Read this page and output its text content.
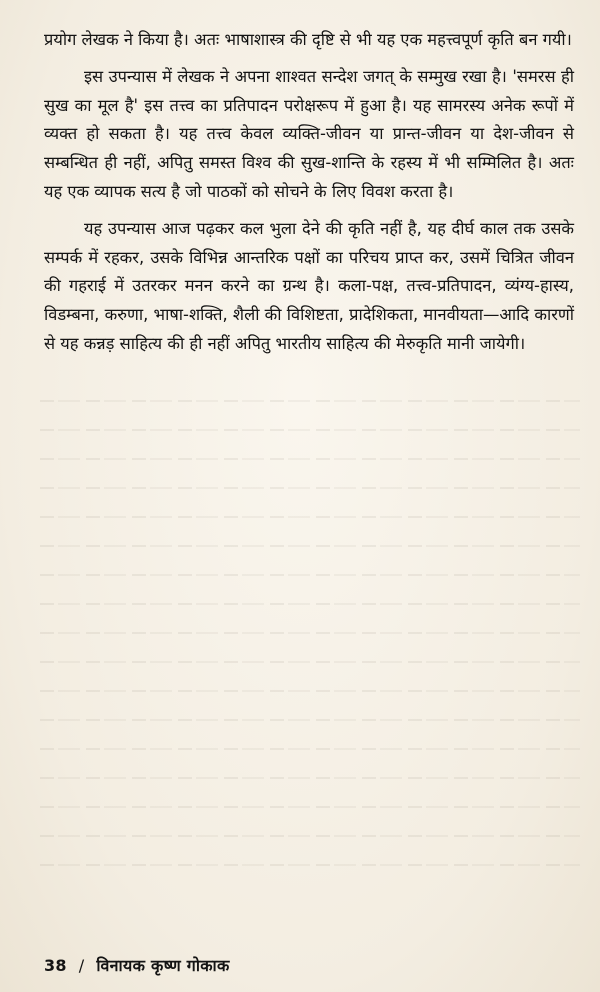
प्रयोग लेखक ने किया है। अतः भाषाशास्त्र की दृष्टि से भी यह एक महत्त्वपूर्ण कृति बन गयी।

इस उपन्यास में लेखक ने अपना शाश्वत सन्देश जगत् के सम्मुख रखा है। 'समरस ही सुख का मूल है' इस तत्त्व का प्रतिपादन परोक्षरूप में हुआ है। यह सामरस्य अनेक रूपों में व्यक्त हो सकता है। यह तत्त्व केवल व्यक्ति-जीवन या प्रान्त-जीवन या देश-जीवन से सम्बन्धित ही नहीं, अपितु समस्त विश्व की सुख-शान्ति के रहस्य में भी सम्मिलित है। अतः यह एक व्यापक सत्य है जो पाठकों को सोचने के लिए विवश करता है।

यह उपन्यास आज पढ़कर कल भुला देने की कृति नहीं है, यह दीर्घ काल तक उसके सम्पर्क में रहकर, उसके विभिन्न आन्तरिक पक्षों का परिचय प्राप्त कर, उसमें चित्रित जीवन की गहराई में उतरकर मनन करने का ग्रन्थ है। कला-पक्ष, तत्त्व-प्रतिपादन, व्यंग्य-हास्य, विडम्बना, करुणा, भाषा-शक्ति, शैली की विशिष्टता, प्रादेशिकता, मानवीयता—आदि कारणों से यह कन्नड़ साहित्य की ही नहीं अपितु भारतीय साहित्य की मेरुकृति मानी जायेगी।

38 / विनायक कृष्ण गोकाक
